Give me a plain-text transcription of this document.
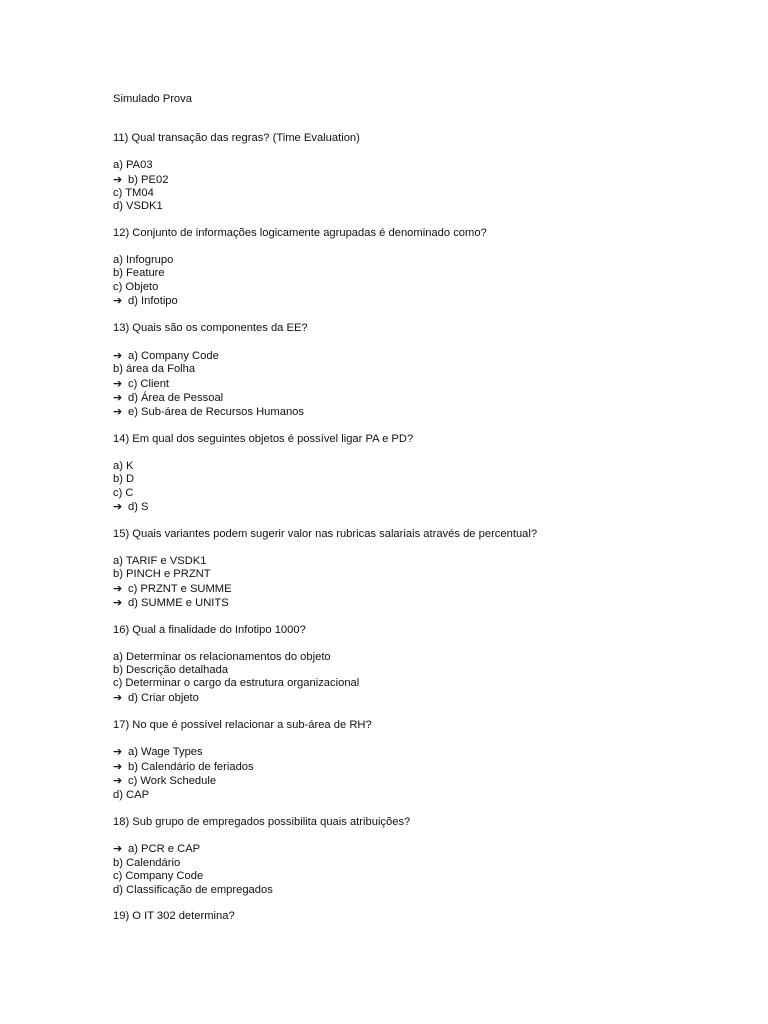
Simulado Prova
11) Qual transação das regras? (Time Evaluation)
a) PA03
➔ b) PE02
c) TM04
d) VSDK1
12) Conjunto de informações logicamente agrupadas é denominado como?
a) Infogrupo
b) Feature
c) Objeto
➔ d) Infotipo
13) Quais são os componentes da EE?
➔ a) Company Code
b) área da Folha
➔ c) Client
➔ d) Área de Pessoal
➔ e) Sub-área de Recursos Humanos
14) Em qual dos seguintes objetos é possível ligar PA e PD?
a) K
b) D
c) C
➔ d) S
15) Quais variantes podem sugerir valor nas rubricas salariais através de percentual?
a) TARIF e VSDK1
b) PINCH e PRZNT
➔ c) PRZNT e SUMME
➔ d) SUMME e UNITS
16) Qual a finalidade do Infotipo 1000?
a) Determinar os relacionamentos do objeto
b) Descrição detalhada
c) Determinar o cargo da estrutura organizacional
➔ d) Criar objeto
17) No que é possível relacionar a sub-área de RH?
➔ a) Wage Types
➔ b) Calendário de feriados
➔ c) Work Schedule
d) CAP
18) Sub grupo de empregados possibilita quais atribuições?
➔ a) PCR e CAP
b) Calendário
c) Company Code
d) Classificação de empregados
19) O IT 302 determina?
